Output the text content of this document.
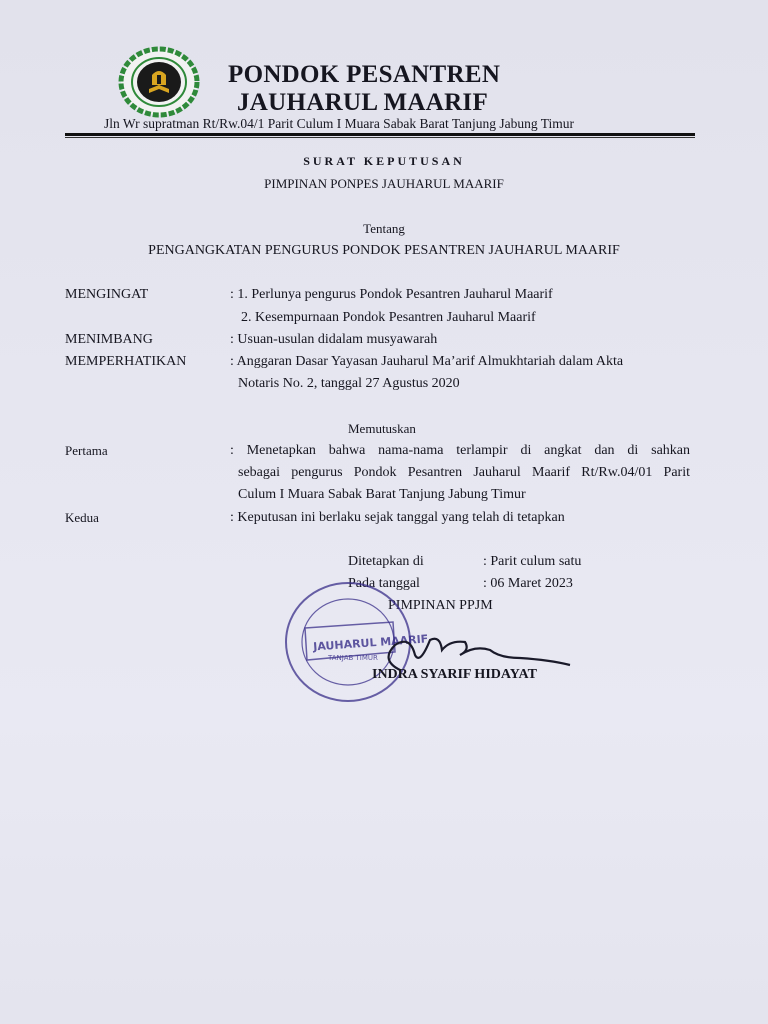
PONDOK PESANTREN
JAUHARUL MAARIF
Jln Wr supratman Rt/Rw.04/1 Parit Culum I Muara Sabak Barat Tanjung Jabung Timur
SURAT KEPUTUSAN
PIMPINAN PONPES JAUHARUL MAARIF
Tentang
PENGANGKATAN PENGURUS PONDOK PESANTREN JAUHARUL MAARIF
MENGINGAT	: 1. Perlunya pengurus Pondok Pesantren Jauharul Maarif
2. Kesempurnaan Pondok Pesantren Jauharul Maarif
MENIMBANG	: Usuan-usulan didalam musyawarah
MEMPERHATIKAN	: Anggaran Dasar Yayasan Jauharul Ma’arif Almukhtariah dalam Akta
Notaris No. 2, tanggal 27 Agustus 2020
Memutuskan
Pertama	: Menetapkan bahwa nama-nama terlampir di angkat dan di sahkan
sebagai pengurus Pondok Pesantren Jauharul Maarif Rt/Rw.04/01 Parit
Culum I Muara Sabak Barat Tanjung Jabung Timur
Kedua	: Keputusan ini berlaku sejak tanggal yang telah di tetapkan
Ditetapkan di	: Parit culum satu
Pada tanggal	: 06 Maret 2023
PIMPINAN PPJM
JAUHARUL MAARIF
TANJAB TIMUR
INDRA SYARIF HIDAYAT
